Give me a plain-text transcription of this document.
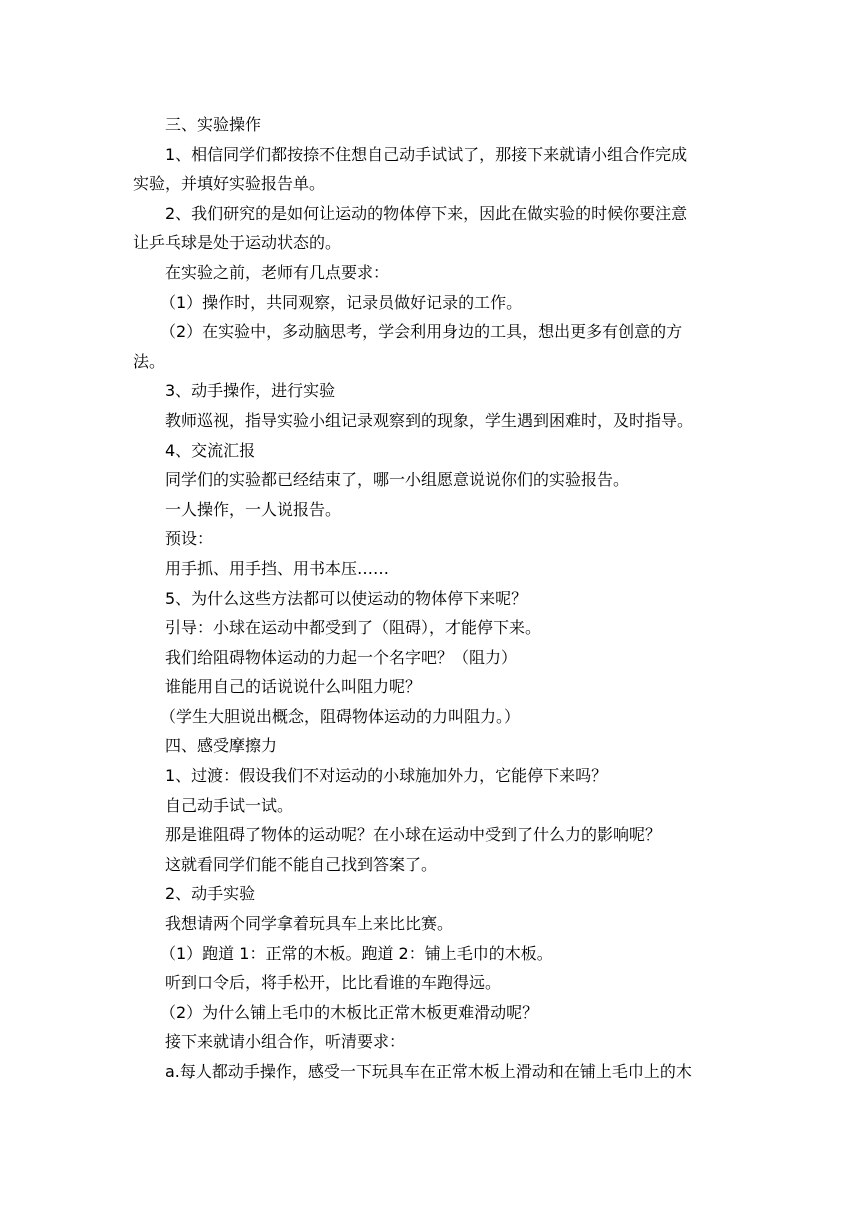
三、实验操作
1、相信同学们都按捺不住想自己动手试试了，那接下来就请小组合作完成
实验，并填好实验报告单。
2、我们研究的是如何让运动的物体停下来，因此在做实验的时候你要注意
让乒乓球是处于运动状态的。
在实验之前，老师有几点要求：
（1）操作时，共同观察，记录员做好记录的工作。
（2）在实验中，多动脑思考，学会利用身边的工具，想出更多有创意的方
法。
3、动手操作，进行实验
教师巡视，指导实验小组记录观察到的现象，学生遇到困难时，及时指导。
4、交流汇报
同学们的实验都已经结束了，哪一小组愿意说说你们的实验报告。
一人操作，一人说报告。
预设：
用手抓、用手挡、用书本压……
5、为什么这些方法都可以使运动的物体停下来呢？
引导：小球在运动中都受到了（阻碍），才能停下来。
我们给阻碍物体运动的力起一个名字吧？（阻力）
谁能用自己的话说说什么叫阻力呢？
（学生大胆说出概念，阻碍物体运动的力叫阻力。）
四、感受摩擦力
1、过渡：假设我们不对运动的小球施加外力，它能停下来吗？
自己动手试一试。
那是谁阻碍了物体的运动呢？在小球在运动中受到了什么力的影响呢？
这就看同学们能不能自己找到答案了。
2、动手实验
我想请两个同学拿着玩具车上来比比赛。
（1）跑道 1：正常的木板。跑道 2：铺上毛巾的木板。
听到口令后，将手松开，比比看谁的车跑得远。
（2）为什么铺上毛巾的木板比正常木板更难滑动呢？
接下来就请小组合作，听清要求：
a.每人都动手操作，感受一下玩具车在正常木板上滑动和在铺上毛巾上的木
